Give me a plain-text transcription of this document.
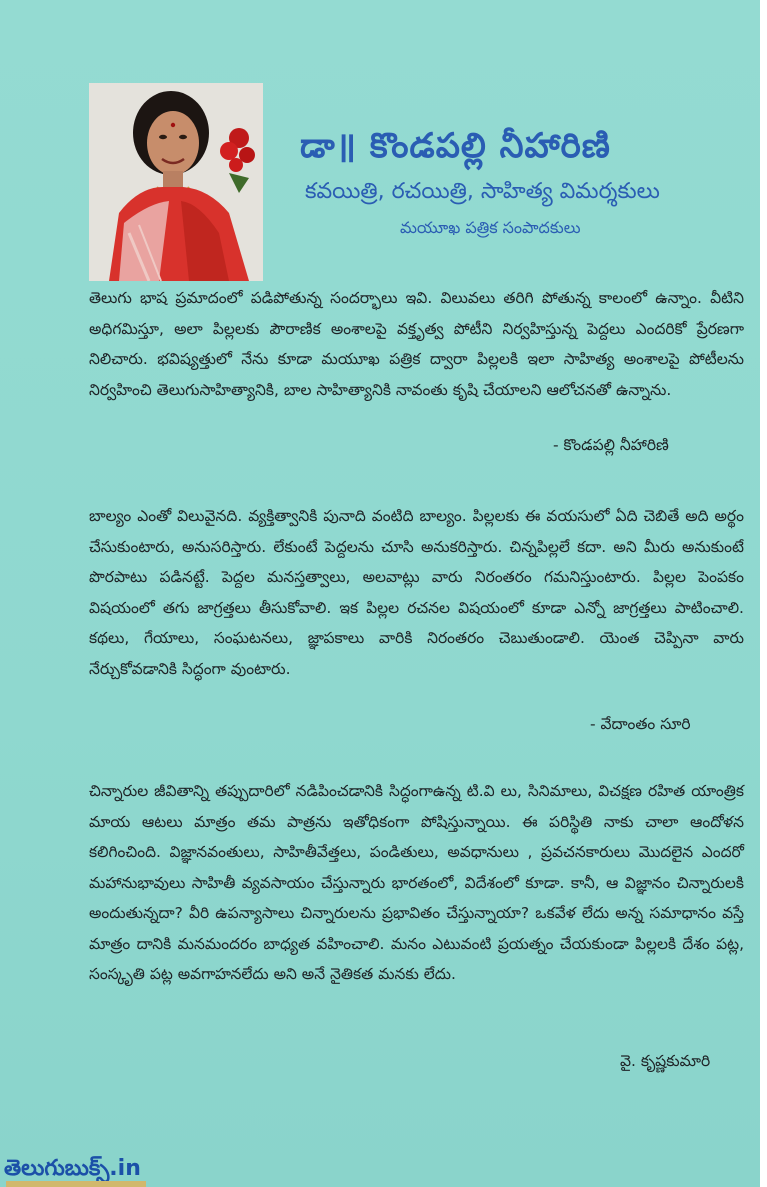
డా॥ కొండపల్లి నీహారిణి
కవయిత్రి, రచయిత్రి, సాహిత్య విమర్శకులు
మయూఖ పత్రిక సంపాదకులు

తెలుగు భాష ప్రమాదంలో పడిపోతున్న సందర్భాలు ఇవి. విలువలు తరిగి పోతున్న కాలంలో ఉన్నాం. వీటిని అధిగమిస్తూ, అలా పిల్లలకు పౌరాణిక అంశాలపై వక్తృత్వ పోటీని నిర్వహిస్తున్న పెద్దలు ఎందరికో ప్రేరణగా నిలిచారు. భవిష్యత్తులో నేను కూడా మయూఖ పత్రిక ద్వారా పిల్లలకి ఇలా సాహిత్య అంశాలపై పోటీలను నిర్వహించి తెలుగుసాహిత్యానికి, బాల సాహిత్యానికి నావంతు కృషి చేయాలని ఆలోచనతో ఉన్నాను.

- కొండపల్లి నీహారిణి

బాల్యం ఎంతో విలువైనది. వ్యక్తిత్వానికి పునాది వంటిది బాల్యం. పిల్లలకు ఈ వయసులో ఏది చెబితే అది అర్థం చేసుకుంటారు, అనుసరిస్తారు. లేకుంటే పెద్దలను చూసి అనుకరిస్తారు. చిన్నపిల్లలే కదా. అని మీరు అనుకుంటే పొరపాటు పడినట్టే. పెద్దల మనస్తత్వాలు, అలవాట్లు వారు నిరంతరం గమనిస్తుంటారు. పిల్లల పెంపకం విషయంలో తగు జాగ్రత్తలు తీసుకోవాలి. ఇక పిల్లల రచనల విషయంలో కూడా ఎన్నో జాగ్రత్తలు పాటించాలి. కథలు, గేయాలు, సంఘటనలు, జ్ఞాపకాలు వారికి నిరంతరం చెబుతుండాలి. యెంత చెప్పినా వారు నేర్చుకోవడానికి సిద్ధంగా వుంటారు.

- వేదాంతం సూరి

చిన్నారుల జీవితాన్ని తప్పుదారిలో నడిపించడానికి సిద్ధంగాఉన్న టి.వి లు, సినిమాలు, విచక్షణ రహిత యాంత్రిక మాయ ఆటలు మాత్రం తమ పాత్రను ఇతోధికంగా పోషిస్తున్నాయి. ఈ పరిస్థితి నాకు చాలా ఆందోళన కలిగించింది. విజ్ఞానవంతులు, సాహితీవేత్తలు, పండితులు, అవధానులు , ప్రవచనకారులు మొదలైన ఎందరో మహానుభావులు సాహితీ వ్యవసాయం చేస్తున్నారు భారతంలో, విదేశంలో కూడా. కానీ, ఆ విజ్ఞానం చిన్నారులకి అందుతున్నదా? వీరి ఉపన్యాసాలు చిన్నారులను ప్రభావితం చేస్తున్నాయా? ఒకవేళ లేదు అన్న సమాధానం వస్తే మాత్రం దానికి మనమందరం బాధ్యత వహించాలి. మనం ఎటువంటి ప్రయత్నం చేయకుండా పిల్లలకి దేశం పట్ల, సంస్కృతి పట్ల అవగాహనలేదు అని అనే నైతికత మనకు లేదు.

వై. కృష్ణకుమారి
తెలుగుబుక్స్.in
